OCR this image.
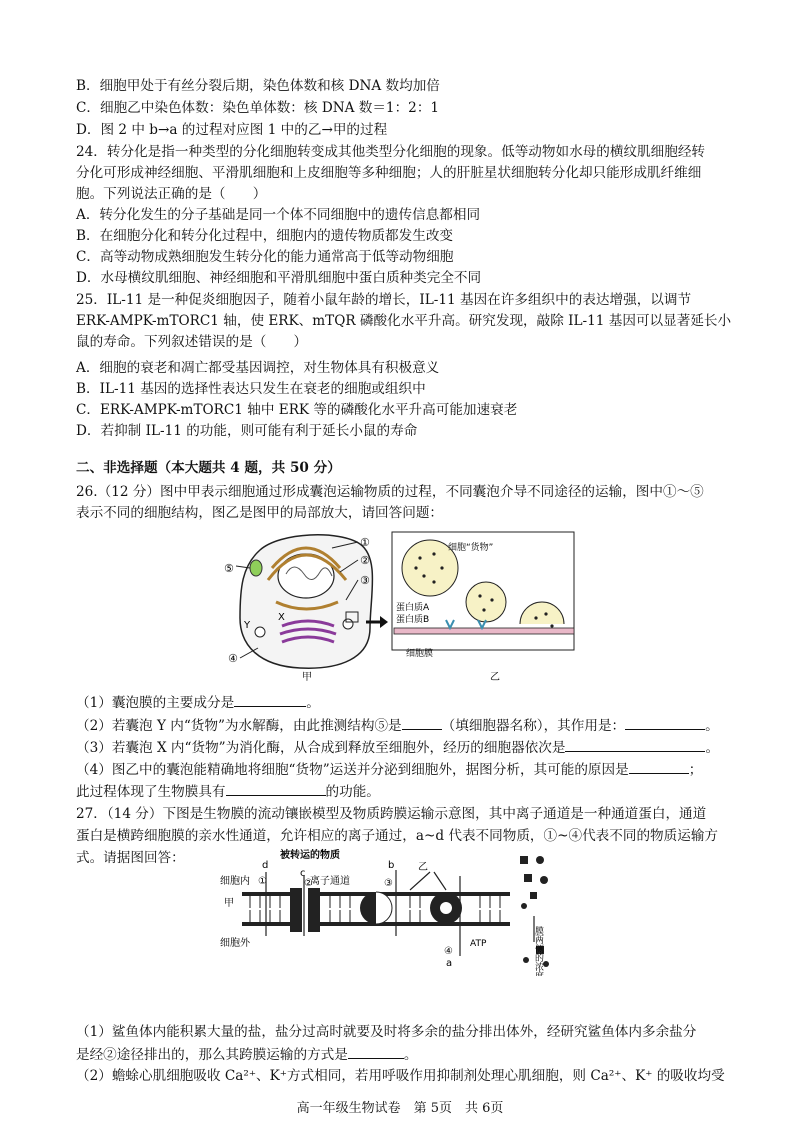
B．细胞甲处于有丝分裂后期，染色体数和核 DNA 数均加倍
C．细胞乙中染色体数：染色单体数：核 DNA 数＝1：2：1
D．图 2 中 b→a 的过程对应图 1 中的乙→甲的过程
24．转分化是指一种类型的分化细胞转变成其他类型分化细胞的现象。低等动物如水母的横纹肌细胞经转
分化可形成神经细胞、平滑肌细胞和上皮细胞等多种细胞；人的肝脏星状细胞转分化却只能形成肌纤维细
胞。下列说法正确的是（　　）
A．转分化发生的分子基础是同一个体不同细胞中的遗传信息都相同
B．在细胞分化和转分化过程中，细胞内的遗传物质都发生改变
C．高等动物成熟细胞发生转分化的能力通常高于低等动物细胞
D．水母横纹肌细胞、神经细胞和平滑肌细胞中蛋白质种类完全不同
25．IL-11 是一种促炎细胞因子，随着小鼠年龄的增长，IL-11 基因在许多组织中的表达增强，以调节
ERK-AMPK-mTORC1 轴，使 ERK、mTQR 磷酸化水平升高。研究发现，敲除 IL-11 基因可以显著延长小
鼠的寿命。下列叙述错误的是（　　）
A．细胞的衰老和凋亡都受基因调控，对生物体具有积极意义
B．IL-11 基因的选择性表达只发生在衰老的细胞或组织中
C．ERK-AMPK-mTORC1 轴中 ERK 等的磷酸化水平升高可能加速衰老
D．若抑制 IL-11 的功能，则可能有利于延长小鼠的寿命
二、非选择题（本大题共 4 题，共 50 分）
26.（12 分）图中甲表示细胞通过形成囊泡运输物质的过程，不同囊泡介导不同途径的运输，图中①～⑤
表示不同的细胞结构，图乙是图甲的局部放大，请回答问题：
①
②
③
④
⑤
Y
X
甲
细胞“货物”
蛋白质A
蛋白质B
细胞膜
乙
（1）囊泡膜的主要成分是	。
（2）若囊泡 Y 内“货物”为水解酶，由此推测结构⑤是	（填细胞器名称），其作用是：	。
（3）若囊泡 X 内“货物”为消化酶，从合成到释放至细胞外，经历的细胞器依次是	。
（4）图乙中的囊泡能精确地将细胞“货物”运送并分泌到细胞外，据图分析，其可能的原因是	；
此过程体现了生物膜具有	的功能。
27．（14 分）下图是生物膜的流动镶嵌模型及物质跨膜运输示意图，其中离子通道是一种通道蛋白，通道
蛋白是横跨细胞膜的亲水性通道，允许相应的离子通过，a~d 代表不同物质，①~④代表不同的物质运输方
式。请据图回答：	被转运的物质
细胞内
甲
细胞外
离子通道
乙
ATP
d
c
b
a
①	②	③
④	膜两侧的浓度
（1）鲨鱼体内能积累大量的盐，盐分过高时就要及时将多余的盐分排出体外，经研究鲨鱼体内多余盐分
是经②途径排出的，那么其跨膜运输的方式是	。
（2）蟾蜍心肌细胞吸收 Ca²⁺、K⁺方式相同，若用呼吸作用抑制剂处理心肌细胞，则 Ca²⁺、K⁺ 的吸收均受
高一年级生物试卷　第 5页　共 6页
